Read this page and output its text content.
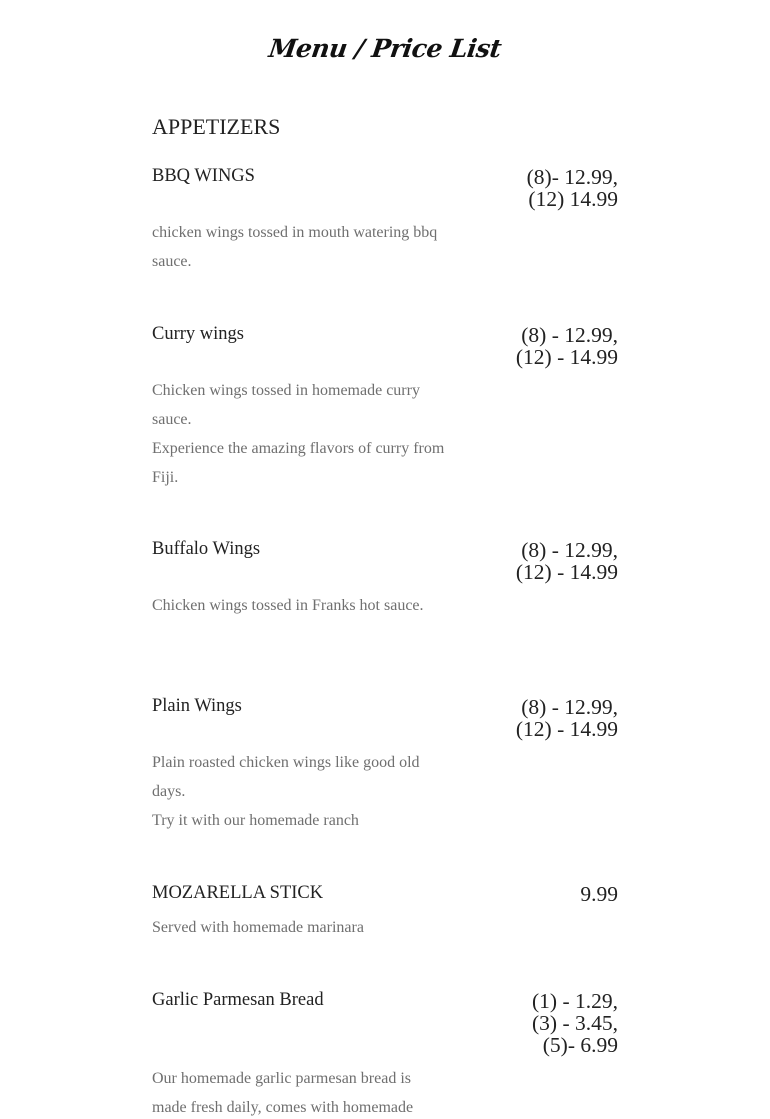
Menu / Price List
APPETIZERS
BBQ WINGS	(8)- 12.99,
(12) 14.99
chicken wings tossed in mouth watering bbq
sauce.
Curry wings	(8) - 12.99,
(12) - 14.99
Chicken wings tossed in homemade curry
sauce.
Experience the amazing flavors of curry from
Fiji.
Buffalo Wings	(8) - 12.99,
(12) - 14.99
Chicken wings tossed in Franks hot sauce.
Plain Wings	(8) - 12.99,
(12) - 14.99
Plain roasted chicken wings like good old
days.
Try it with our homemade ranch
MOZARELLA STICK	9.99
Served with homemade marinara
Garlic Parmesan Bread	(1) - 1.29,
(3) - 3.45,
(5)- 6.99
Our homemade garlic parmesan bread is
made fresh daily, comes with homemade
